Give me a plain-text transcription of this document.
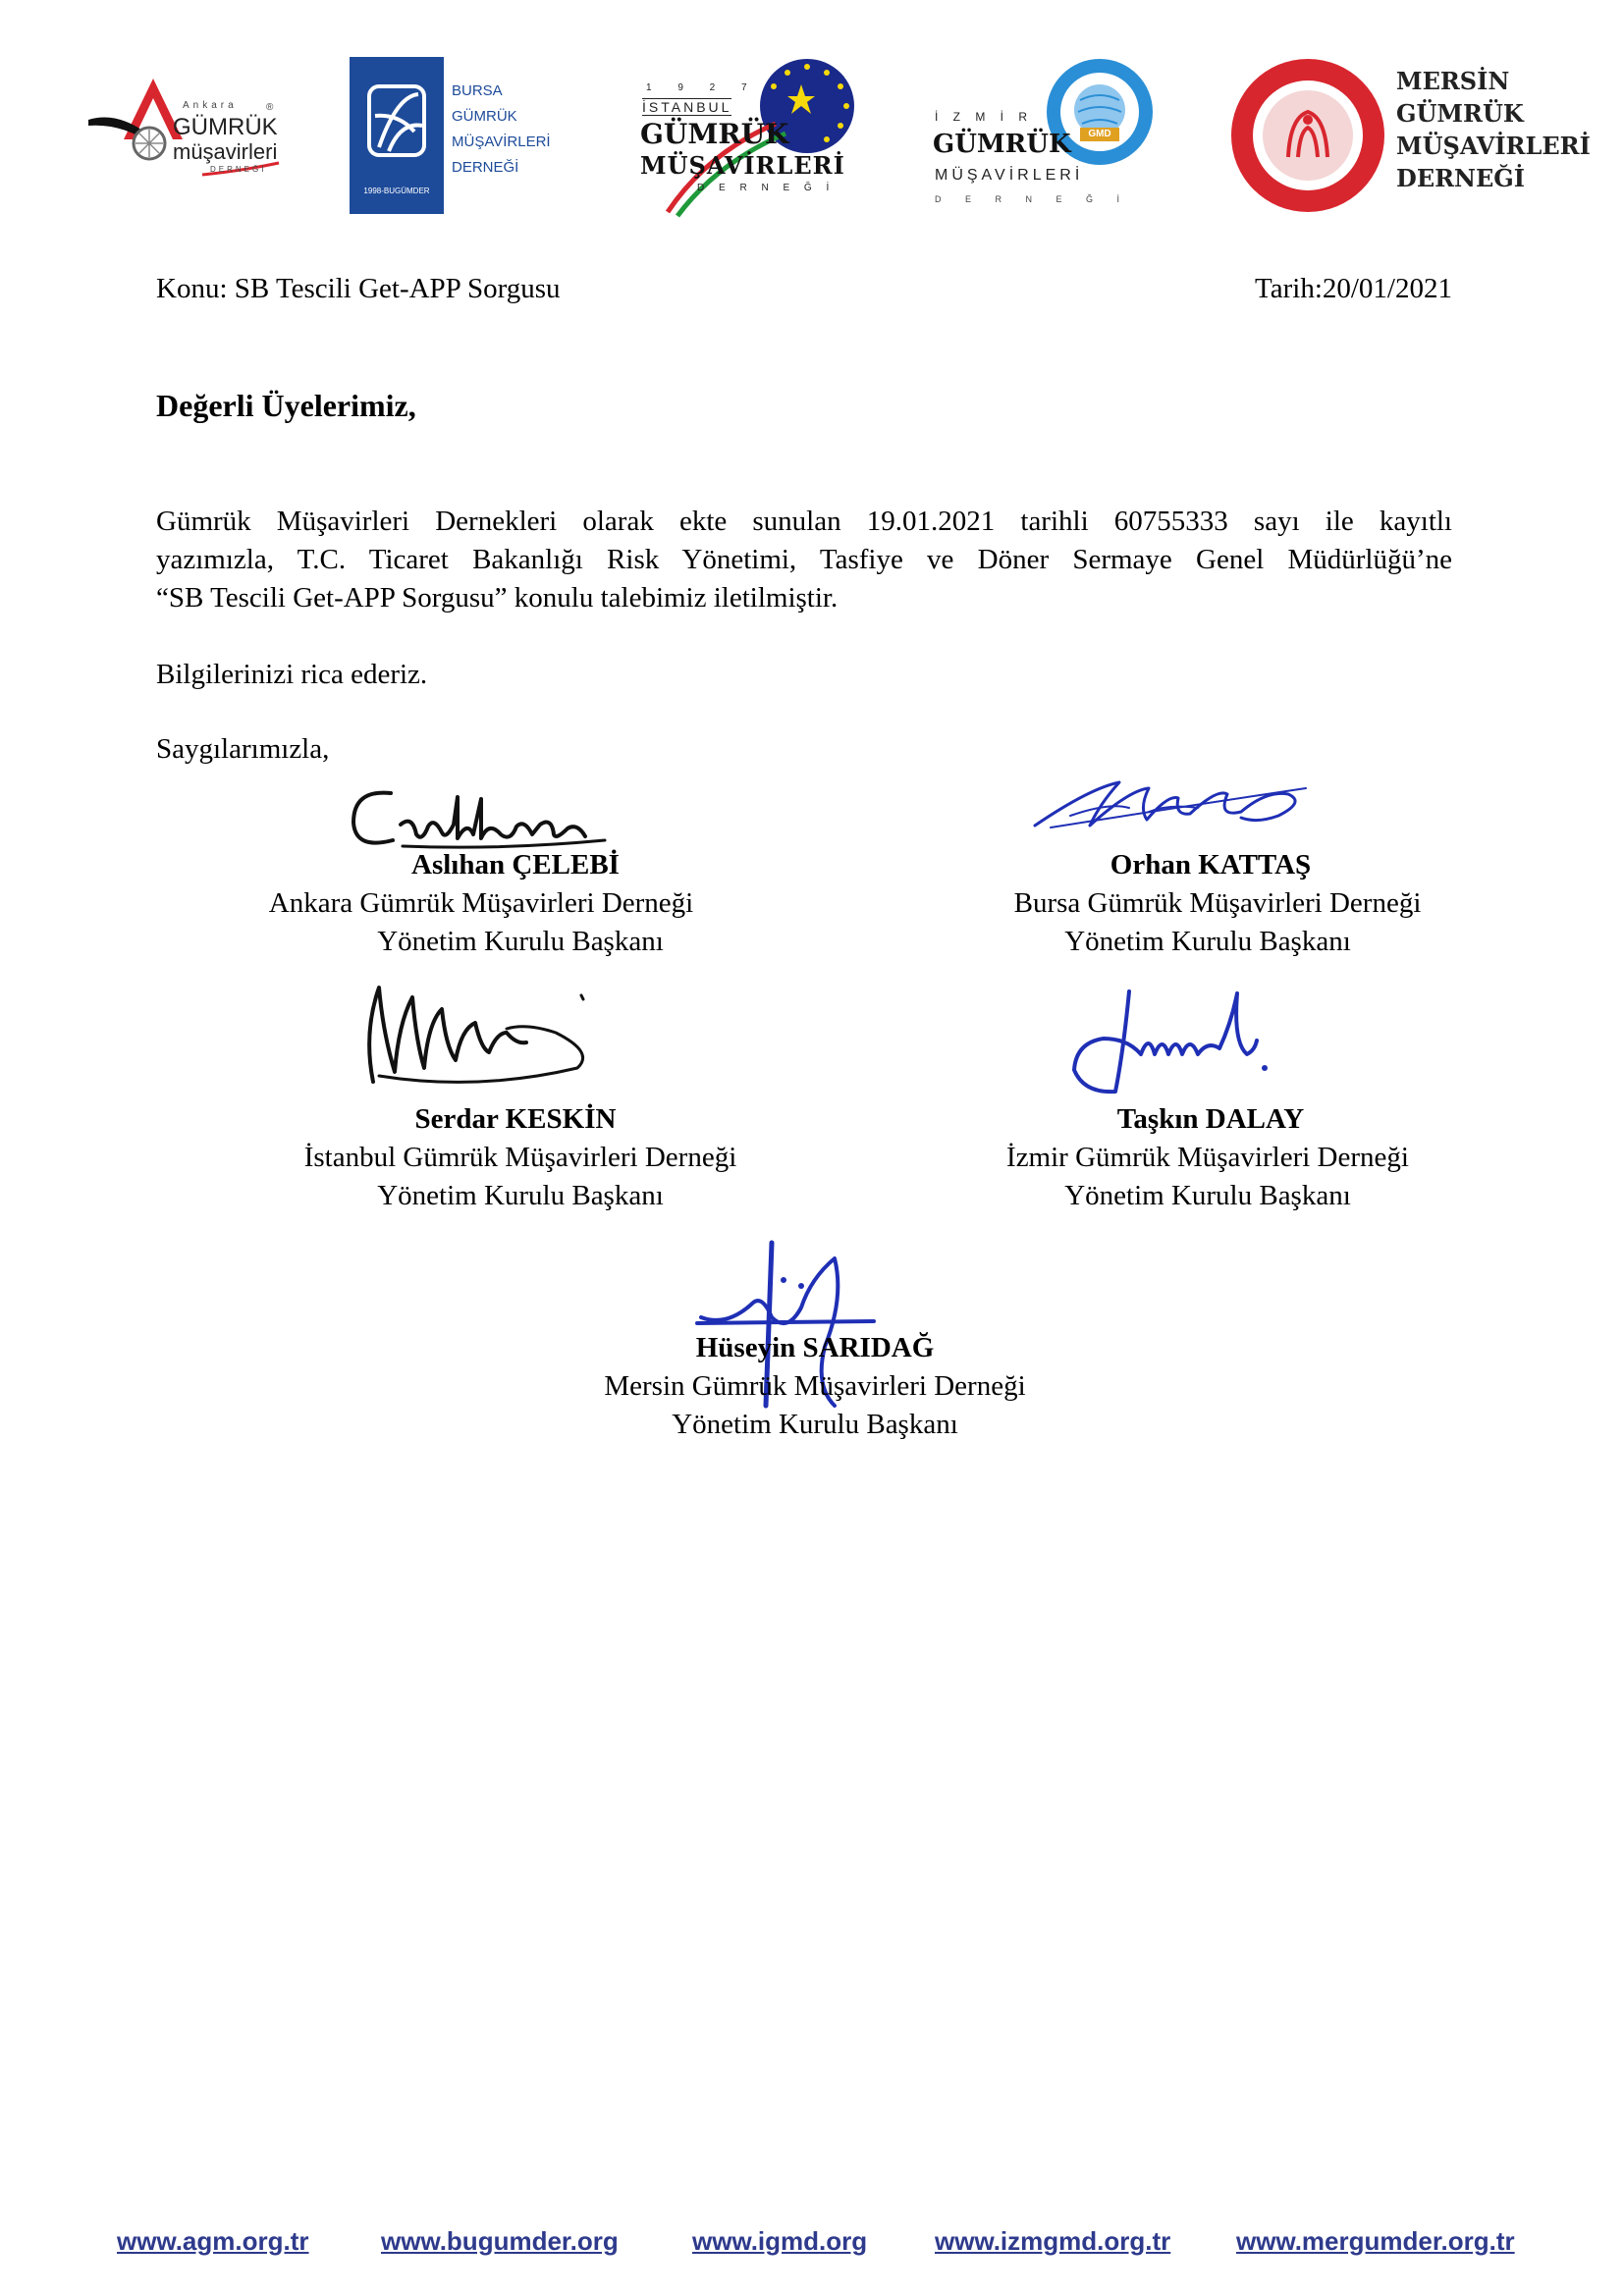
Ankara	®
GÜMRÜK
müşavirleri
DERNEĞİ
1998-BUGÜMDER
BURSA
GÜMRÜK
MÜŞAVİRLERİ
DERNEĞİ
1 9 2 7
İSTANBUL
GÜMRÜK
MÜŞAVİRLERİ
D E R N E Ğ İ
GMD
İ Z M İ R
GÜMRÜK
MÜŞAVİRLERİ
D E R N E Ğ İ
MERSİN
GÜMRÜK
MÜŞAVİRLERİ
DERNEĞİ
Konu: SB Tescili Get-APP Sorgusu	Tarih:20/01/2021
Değerli Üyelerimiz,
Gümrük Müşavirleri Dernekleri olarak ekte sunulan 19.01.2021 tarihli 60755333 sayı ile kayıtlı
yazımızla, T.C. Ticaret Bakanlığı Risk Yönetimi, Tasfiye ve Döner Sermaye Genel Müdürlüğü’ne
“SB Tescili Get-APP Sorgusu” konulu talebimiz iletilmiştir.
Bilgilerinizi rica ederiz.
Saygılarımızla,
Aslıhan ÇELEBİ
Ankara Gümrük Müşavirleri Derneği
Yönetim Kurulu Başkanı
Orhan KATTAŞ
Bursa Gümrük Müşavirleri Derneği
Yönetim Kurulu Başkanı
Serdar KESKİN
İstanbul Gümrük Müşavirleri Derneği
Yönetim Kurulu Başkanı
Taşkın DALAY
İzmir Gümrük Müşavirleri Derneği
Yönetim Kurulu Başkanı
Hüseyin SARIDAĞ
Mersin Gümrük Müşavirleri Derneği
Yönetim Kurulu Başkanı
www.agm.org.tr	www.bugumder.org	www.igmd.org	www.izmgmd.org.tr	www.mergumder.org.tr
